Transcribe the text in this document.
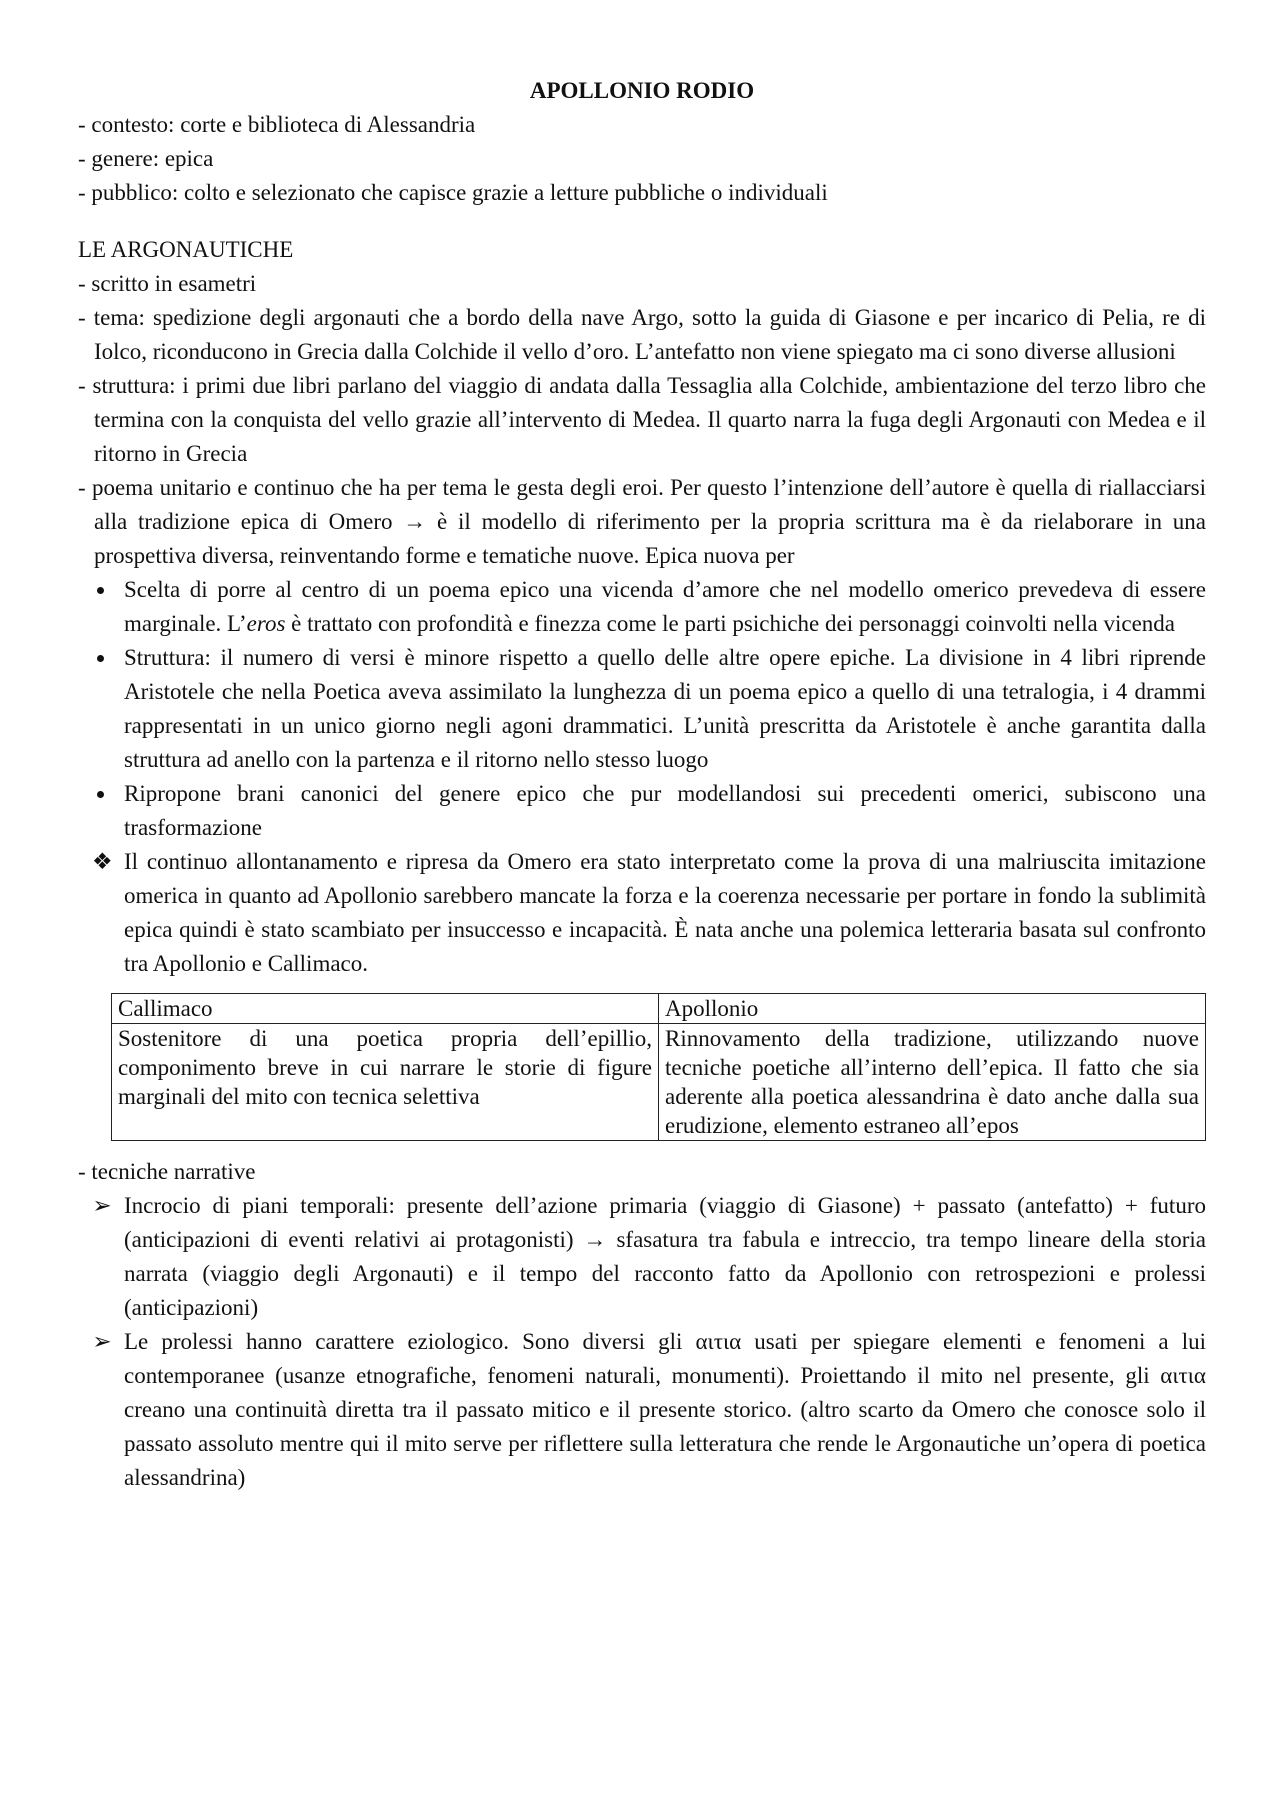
APOLLONIO RODIO

- contesto: corte e biblioteca di Alessandria

- genere: epica

- pubblico: colto e selezionato che capisce grazie a letture pubbliche o individuali

LE ARGONAUTICHE

- scritto in esametri

- tema: spedizione degli argonauti che a bordo della nave Argo, sotto la guida di Giasone e per incarico di Pelia, re di Iolco, riconducono in Grecia dalla Colchide il vello d’oro. L’antefatto non viene spiegato ma ci sono diverse allusioni

- struttura: i primi due libri parlano del viaggio di andata dalla Tessaglia alla Colchide, ambientazione del terzo libro che termina con la conquista del vello grazie all’intervento di Medea. Il quarto narra la fuga degli Argonauti con Medea e il ritorno in Grecia

- poema unitario e continuo che ha per tema le gesta degli eroi. Per questo l’intenzione dell’autore è quella di riallacciarsi alla tradizione epica di Omero → è il modello di riferimento per la propria scrittura ma è da rielaborare in una prospettiva diversa, reinventando forme e tematiche nuove. Epica nuova per

Scelta di porre al centro di un poema epico una vicenda d’amore che nel modello omerico prevedeva di essere marginale. L’eros è trattato con profondità e finezza come le parti psichiche dei personaggi coinvolti nella vicenda
Struttura: il numero di versi è minore rispetto a quello delle altre opere epiche. La divisione in 4 libri riprende Aristotele che nella Poetica aveva assimilato la lunghezza di un poema epico a quello di una tetralogia, i 4 drammi rappresentati in un unico giorno negli agoni drammatici. L’unità prescritta da Aristotele è anche garantita dalla struttura ad anello con la partenza e il ritorno nello stesso luogo
Ripropone brani canonici del genere epico che pur modellandosi sui precedenti omerici, subiscono una trasformazione
❖ Il continuo allontanamento e ripresa da Omero era stato interpretato come la prova di una malriuscita imitazione omerica in quanto ad Apollonio sarebbero mancate la forza e la coerenza necessarie per portare in fondo la sublimità epica quindi è stato scambiato per insuccesso e incapacità. È nata anche una polemica letteraria basata sul confronto tra Apollonio e Callimaco.
Callimaco	Apollonio
Sostenitore di una poetica propria dell’epillio, componimento breve in cui narrare le storie di figure marginali del mito con tecnica selettiva	Rinnovamento della tradizione, utilizzando nuove tecniche poetiche all’interno dell’epica. Il fatto che sia aderente alla poetica alessandrina è dato anche dalla sua erudizione, elemento estraneo all’epos

- tecniche narrative

➢ Incrocio di piani temporali: presente dell’azione primaria (viaggio di Giasone) + passato (antefatto) + futuro (anticipazioni di eventi relativi ai protagonisti) → sfasatura tra fabula e intreccio, tra tempo lineare della storia narrata (viaggio degli Argonauti) e il tempo del racconto fatto da Apollonio con retrospezioni e prolessi (anticipazioni)
➢ Le prolessi hanno carattere eziologico. Sono diversi gli αιτια usati per spiegare elementi e fenomeni a lui contemporanee (usanze etnografiche, fenomeni naturali, monumenti). Proiettando il mito nel presente, gli αιτια creano una continuità diretta tra il passato mitico e il presente storico. (altro scarto da Omero che conosce solo il passato assoluto mentre qui il mito serve per riflettere sulla letteratura che rende le Argonautiche un’opera di poetica alessandrina)
